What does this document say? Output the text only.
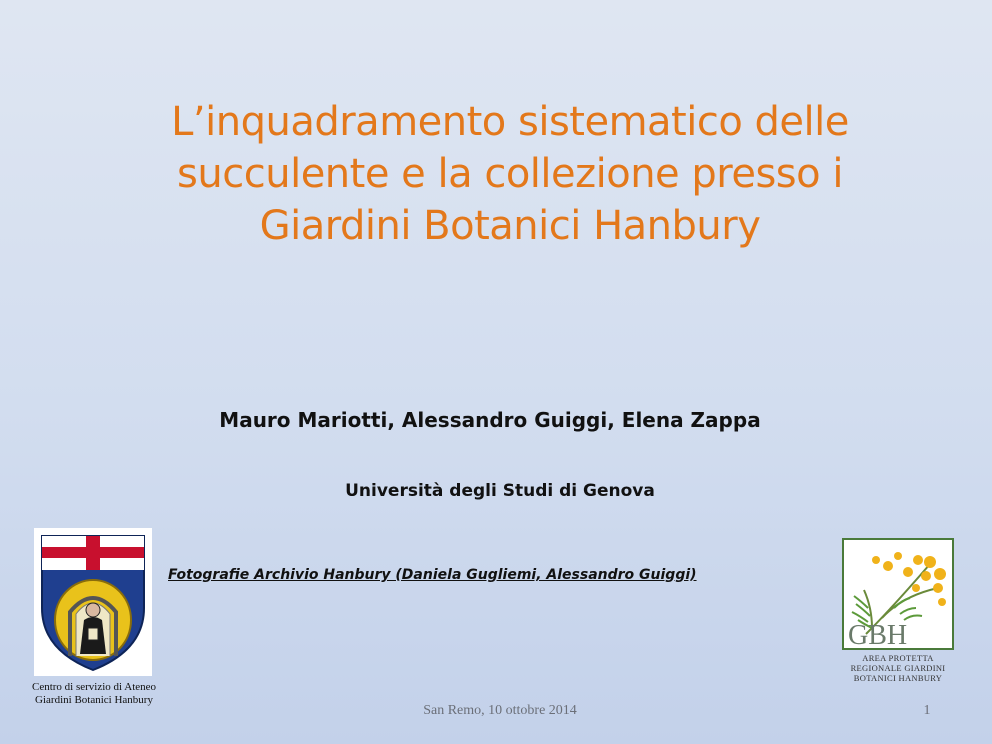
L’inquadramento sistematico delle
succulente e la collezione presso i
Giardini Botanici Hanbury
Mauro Mariotti, Alessandro Guiggi, Elena Zappa
Università degli Studi di Genova
Fotografie Archivio Hanbury (Daniela Gugliemi, Alessandro Guiggi)
Centro di servizio di Ateneo
Giardini Botanici Hanbury
GBH
AREA PROTETTA
REGIONALE GIARDINI
BOTANICI HANBURY
San Remo, 10 ottobre 2014	1
